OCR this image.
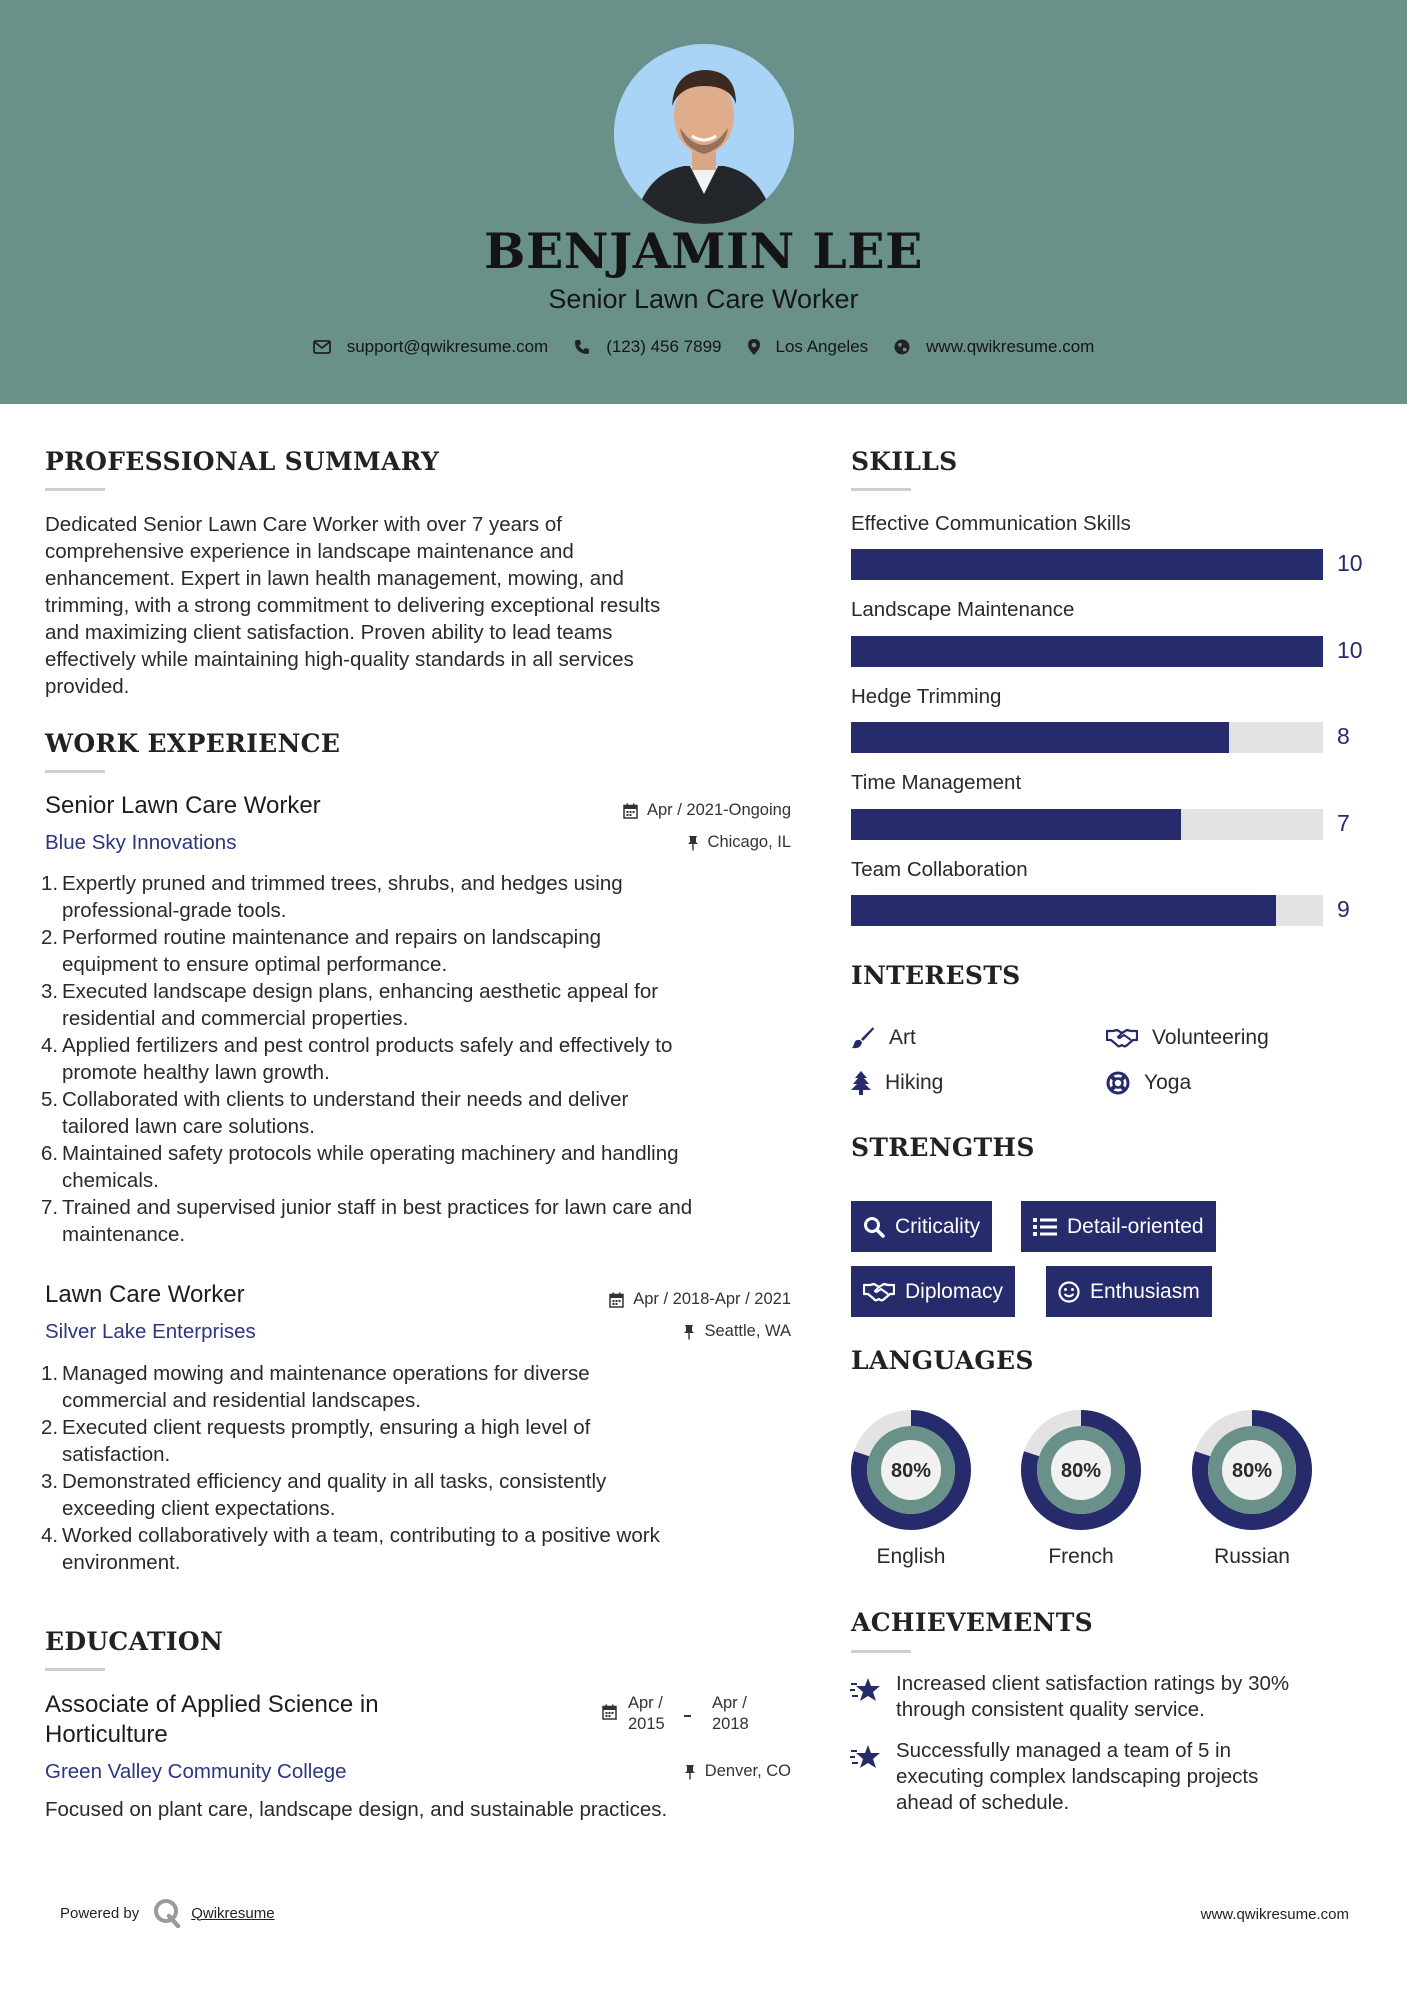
BENJAMIN LEE
Senior Lawn Care Worker
support@qwikresume.com	(123) 456 7899	Los Angeles	www.qwikresume.com
PROFESSIONAL SUMMARY
Dedicated Senior Lawn Care Worker with over 7 years of
comprehensive experience in landscape maintenance and
enhancement. Expert in lawn health management, mowing, and
trimming, with a strong commitment to delivering exceptional results
and maximizing client satisfaction. Proven ability to lead teams
effectively while maintaining high-quality standards in all services
provided.
WORK EXPERIENCE
Senior Lawn Care Worker	Apr / 2021-Ongoing
Blue Sky Innovations	Chicago, IL
1. Expertly pruned and trimmed trees, shrubs, and hedges using
professional-grade tools.
2. Performed routine maintenance and repairs on landscaping
equipment to ensure optimal performance.
3. Executed landscape design plans, enhancing aesthetic appeal for
residential and commercial properties.
4. Applied fertilizers and pest control products safely and effectively to
promote healthy lawn growth.
5. Collaborated with clients to understand their needs and deliver
tailored lawn care solutions.
6. Maintained safety protocols while operating machinery and handling
chemicals.
7. Trained and supervised junior staff in best practices for lawn care and
maintenance.
Lawn Care Worker	Apr / 2018-Apr / 2021
Silver Lake Enterprises	Seattle, WA
1. Managed mowing and maintenance operations for diverse
commercial and residential landscapes.
2. Executed client requests promptly, ensuring a high level of
satisfaction.
3. Demonstrated efficiency and quality in all tasks, consistently
exceeding client expectations.
4. Worked collaboratively with a team, contributing to a positive work
environment.
EDUCATION
Associate of Applied Science in
Horticulture
Apr /
2015
Apr /
2018
Green Valley Community College	Denver, CO
Focused on plant care, landscape design, and sustainable practices.
SKILLS
Effective Communication Skills
10
Landscape Maintenance
10
Hedge Trimming
8
Time Management
7
Team Collaboration
9
INTERESTS
Art	Volunteering
Hiking	Yoga
STRENGTHS
Criticality	Detail-oriented
Diplomacy	Enthusiasm
LANGUAGES
80%
English
80%
French
80%
Russian
ACHIEVEMENTS
Increased client satisfaction ratings by 30%
through consistent quality service.
Successfully managed a team of 5 in
executing complex landscaping projects
ahead of schedule.
Powered by	Qwikresume	www.qwikresume.com
